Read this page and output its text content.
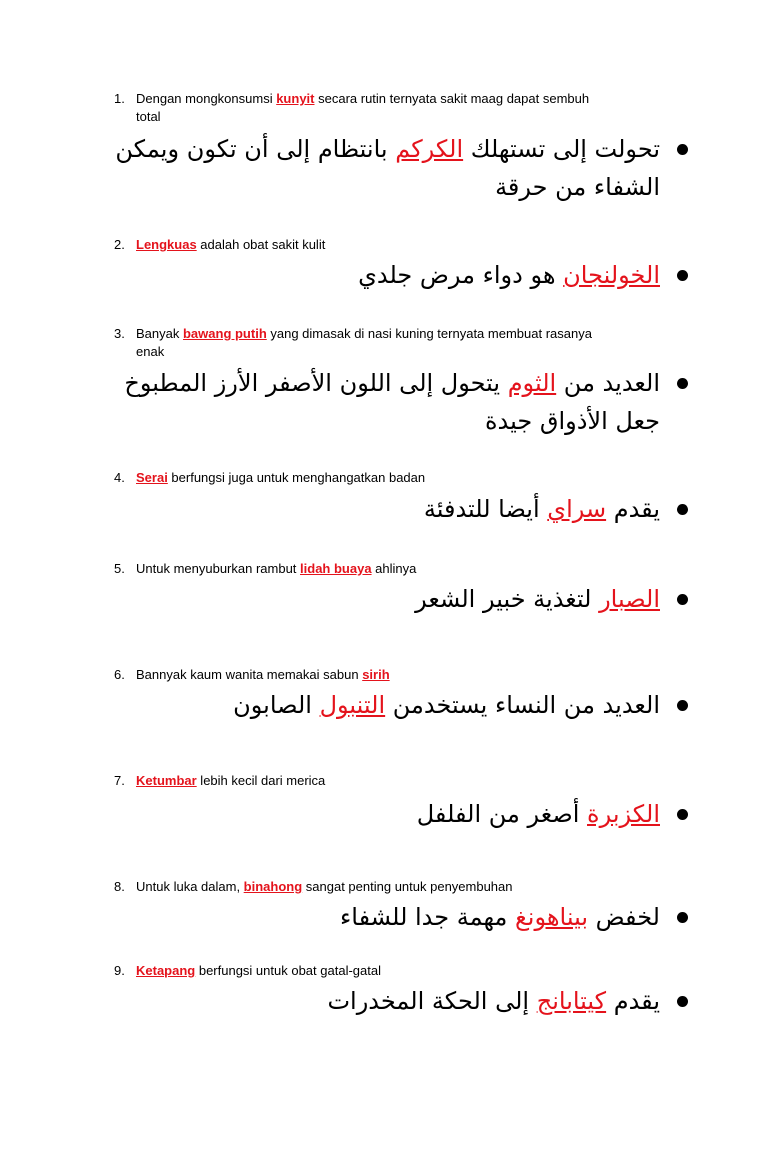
1. Dengan mongkonsumsi kunyit secara rutin ternyata sakit maag dapat sembuh
total
تحولت إلى تستهلك الكركم بانتظام إلى أن تكون ويمكن
الشفاء من حرقة
2. Lengkuas adalah obat sakit kulit
الخولنجان هو دواء مرض جلدي
3. Banyak bawang putih yang dimasak di nasi kuning ternyata membuat rasanya
enak
العديد من الثوم يتحول إلى اللون الأصفر الأرز المطبوخ
جعل الأذواق جيدة
4. Serai berfungsi juga untuk menghangatkan badan
يقدم سراي أيضا للتدفئة
5. Untuk menyuburkan rambut lidah buaya ahlinya
الصبار لتغذية خبير الشعر
6. Bannyak kaum wanita memakai sabun sirih
العديد من النساء يستخدمن التنبول الصابون
7. Ketumbar lebih kecil dari merica
الكزبرة أصغر من الفلفل
8. Untuk luka dalam, binahong sangat penting untuk penyembuhan
لخفض بيناهونغ مهمة جدا للشفاء
9. Ketapang berfungsi untuk obat gatal-gatal
يقدم كيتابانج إلى الحكة المخدرات
